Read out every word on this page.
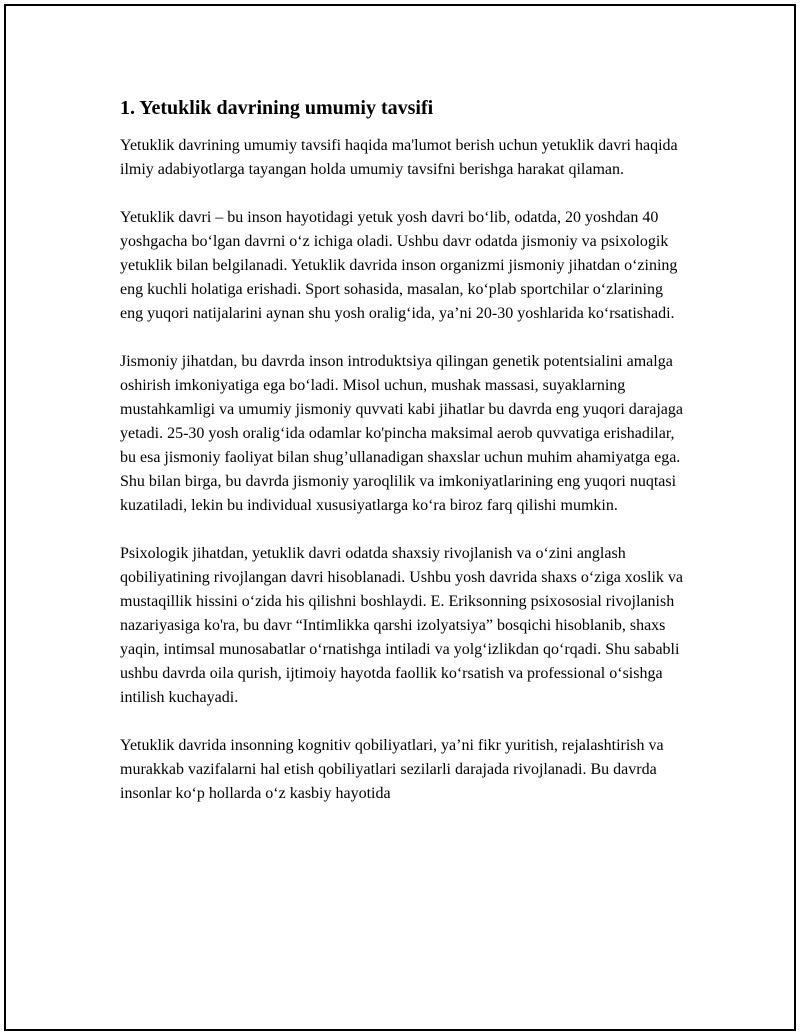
1. Yetuklik davrining umumiy tavsifi

Yetuklik davrining umumiy tavsifi haqida ma'lumot berish uchun yetuklik davri haqida ilmiy adabiyotlarga tayangan holda umumiy tavsifni berishga harakat qilaman.

Yetuklik davri – bu inson hayotidagi yetuk yosh davri bo‘lib, odatda, 20 yoshdan 40 yoshgacha bo‘lgan davrni o‘z ichiga oladi. Ushbu davr odatda jismoniy va psixologik yetuklik bilan belgilanadi. Yetuklik davrida inson organizmi jismoniy jihatdan o‘zining eng kuchli holatiga erishadi. Sport sohasida, masalan, ko‘plab sportchilar o‘zlarining eng yuqori natijalarini aynan shu yosh oralig‘ida, ya’ni 20-30 yoshlarida ko‘rsatishadi.

Jismoniy jihatdan, bu davrda inson introduktsiya qilingan genetik potentsialini amalga oshirish imkoniyatiga ega bo‘ladi. Misol uchun, mushak massasi, suyaklarning mustahkamligi va umumiy jismoniy quvvati kabi jihatlar bu davrda eng yuqori darajaga yetadi. 25-30 yosh oralig‘ida odamlar ko'pincha maksimal aerob quvvatiga erishadilar, bu esa jismoniy faoliyat bilan shug’ullanadigan shaxslar uchun muhim ahamiyatga ega. Shu bilan birga, bu davrda jismoniy yaroqlilik va imkoniyatlarining eng yuqori nuqtasi kuzatiladi, lekin bu individual xususiyatlarga ko‘ra biroz farq qilishi mumkin.

Psixologik jihatdan, yetuklik davri odatda shaxsiy rivojlanish va o‘zini anglash qobiliyatining rivojlangan davri hisoblanadi. Ushbu yosh davrida shaxs o‘ziga xoslik va mustaqillik hissini o‘zida his qilishni boshlaydi. E. Eriksonning psixososial rivojlanish nazariyasiga ko'ra, bu davr “Intimlikka qarshi izolyatsiya” bosqichi hisoblanib, shaxs yaqin, intimsal munosabatlar o‘rnatishga intiladi va yolg‘izlikdan qo‘rqadi. Shu sababli ushbu davrda oila qurish, ijtimoiy hayotda faollik ko‘rsatish va professional o‘sishga intilish kuchayadi.

Yetuklik davrida insonning kognitiv qobiliyatlari, ya’ni fikr yuritish, rejalashtirish va murakkab vazifalarni hal etish qobiliyatlari sezilarli darajada rivojlanadi. Bu davrda insonlar ko‘p hollarda o‘z kasbiy hayotida
